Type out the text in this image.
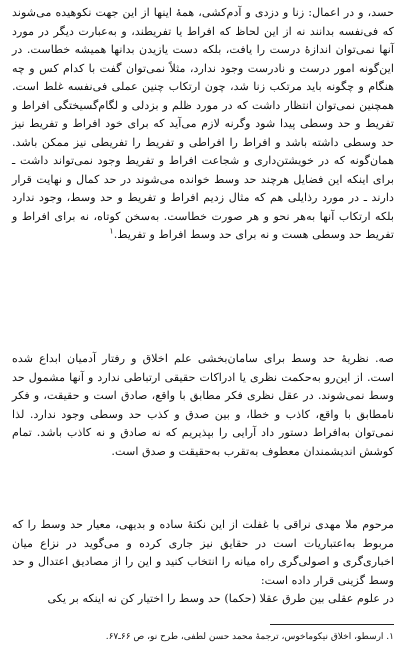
حسد، و در اعمال: زنا و دزدی و آدم‌کشی، همهٔ اینها از این جهت نکوهیده می‌شوند که فی‌نفسه بدانند نه از این لحاظ که افراط یا تفریطند، و به‌عبارت دیگر در مورد آنها نمی‌توان اندازهٔ درست را یافت، بلکه دست یازیدن بدانها همیشه خطاست. در این‌گونه امور درست و نادرست وجود ندارد، مثلاً نمی‌توان گفت با کدام کس و چه هنگام و چگونه باید مرتکب زنا شد، چون ارتکاب چنین عملی فی‌نفسه غلط است. همچنین نمی‌توان انتظار داشت که در مورد ظلم و بزدلی و لگام‌گسیختگی افراط و تفریط و حد وسطی پیدا شود وگرنه لازم می‌آید که برای خود افراط و تفریط نیز حد وسطی داشته باشد و افراط را افراطی و تفریط را تفریطی نیز ممکن باشد. همان‌گونه که در خویشتن‌داری و شجاعت افراط و تفریط وجود نمی‌تواند داشت ـ برای اینکه این فضایل هرچند حد وسط خوانده می‌شوند در حد کمال و نهایت قرار دارند ـ در مورد رذایلی هم که مثال زدیم افراط و تفریط و حد وسط، وجود ندارد بلکه ارتکاب آنها به‌هر نحو و هر صورت خطاست. به‌سخن کوتاه، نه برای افراط و تفریط حد وسطی هست و نه برای حد وسط افراط و تفریط.$^۱$

صه. نظریهٔ حد وسط برای سامان‌بخشی علم اخلاق و رفتار آدمیان ابداع شده است. از این‌رو به‌حکمت نظری یا ادراکات حقیقی ارتباطی ندارد و آنها مشمول حد وسط نمی‌شوند. در عقل نظری فکر مطابق با واقع، صادق است و حقیقت، و فکر نامطابق با واقع، کاذب و خطا، و بین صدق و کذب حد وسطی وجود ندارد. لذا نمی‌توان به‌افراط دستور داد آرایی را بپذیریم که نه صادق و نه کاذب باشد. تمام کوشش اندیشمندان معطوف به‌تقرب به‌حقیقت و صدق است.

مرحوم ملا مهدی نراقی با غفلت از این نکتهٔ ساده و بدیهی، معیار حد وسط را که مربوط به‌اعتباریات است در حقایق نیز جاری کرده و می‌گوید در نزاع میان اخباری‌گری و اصولی‌گری راه میانه را انتخاب کنید و این را از مصادیق اعتدال و حد وسط گزینی قرار داده است:
در علوم عقلی بین طرق عقلا (حکما) حد وسط را اختیار کن نه اینکه بر یکی

۱. ارسطو، اخلاق نیکوماخوس، ترجمهٔ محمد حسن لطفی، طرح نو، ص ۶۶ـ۶۷.
